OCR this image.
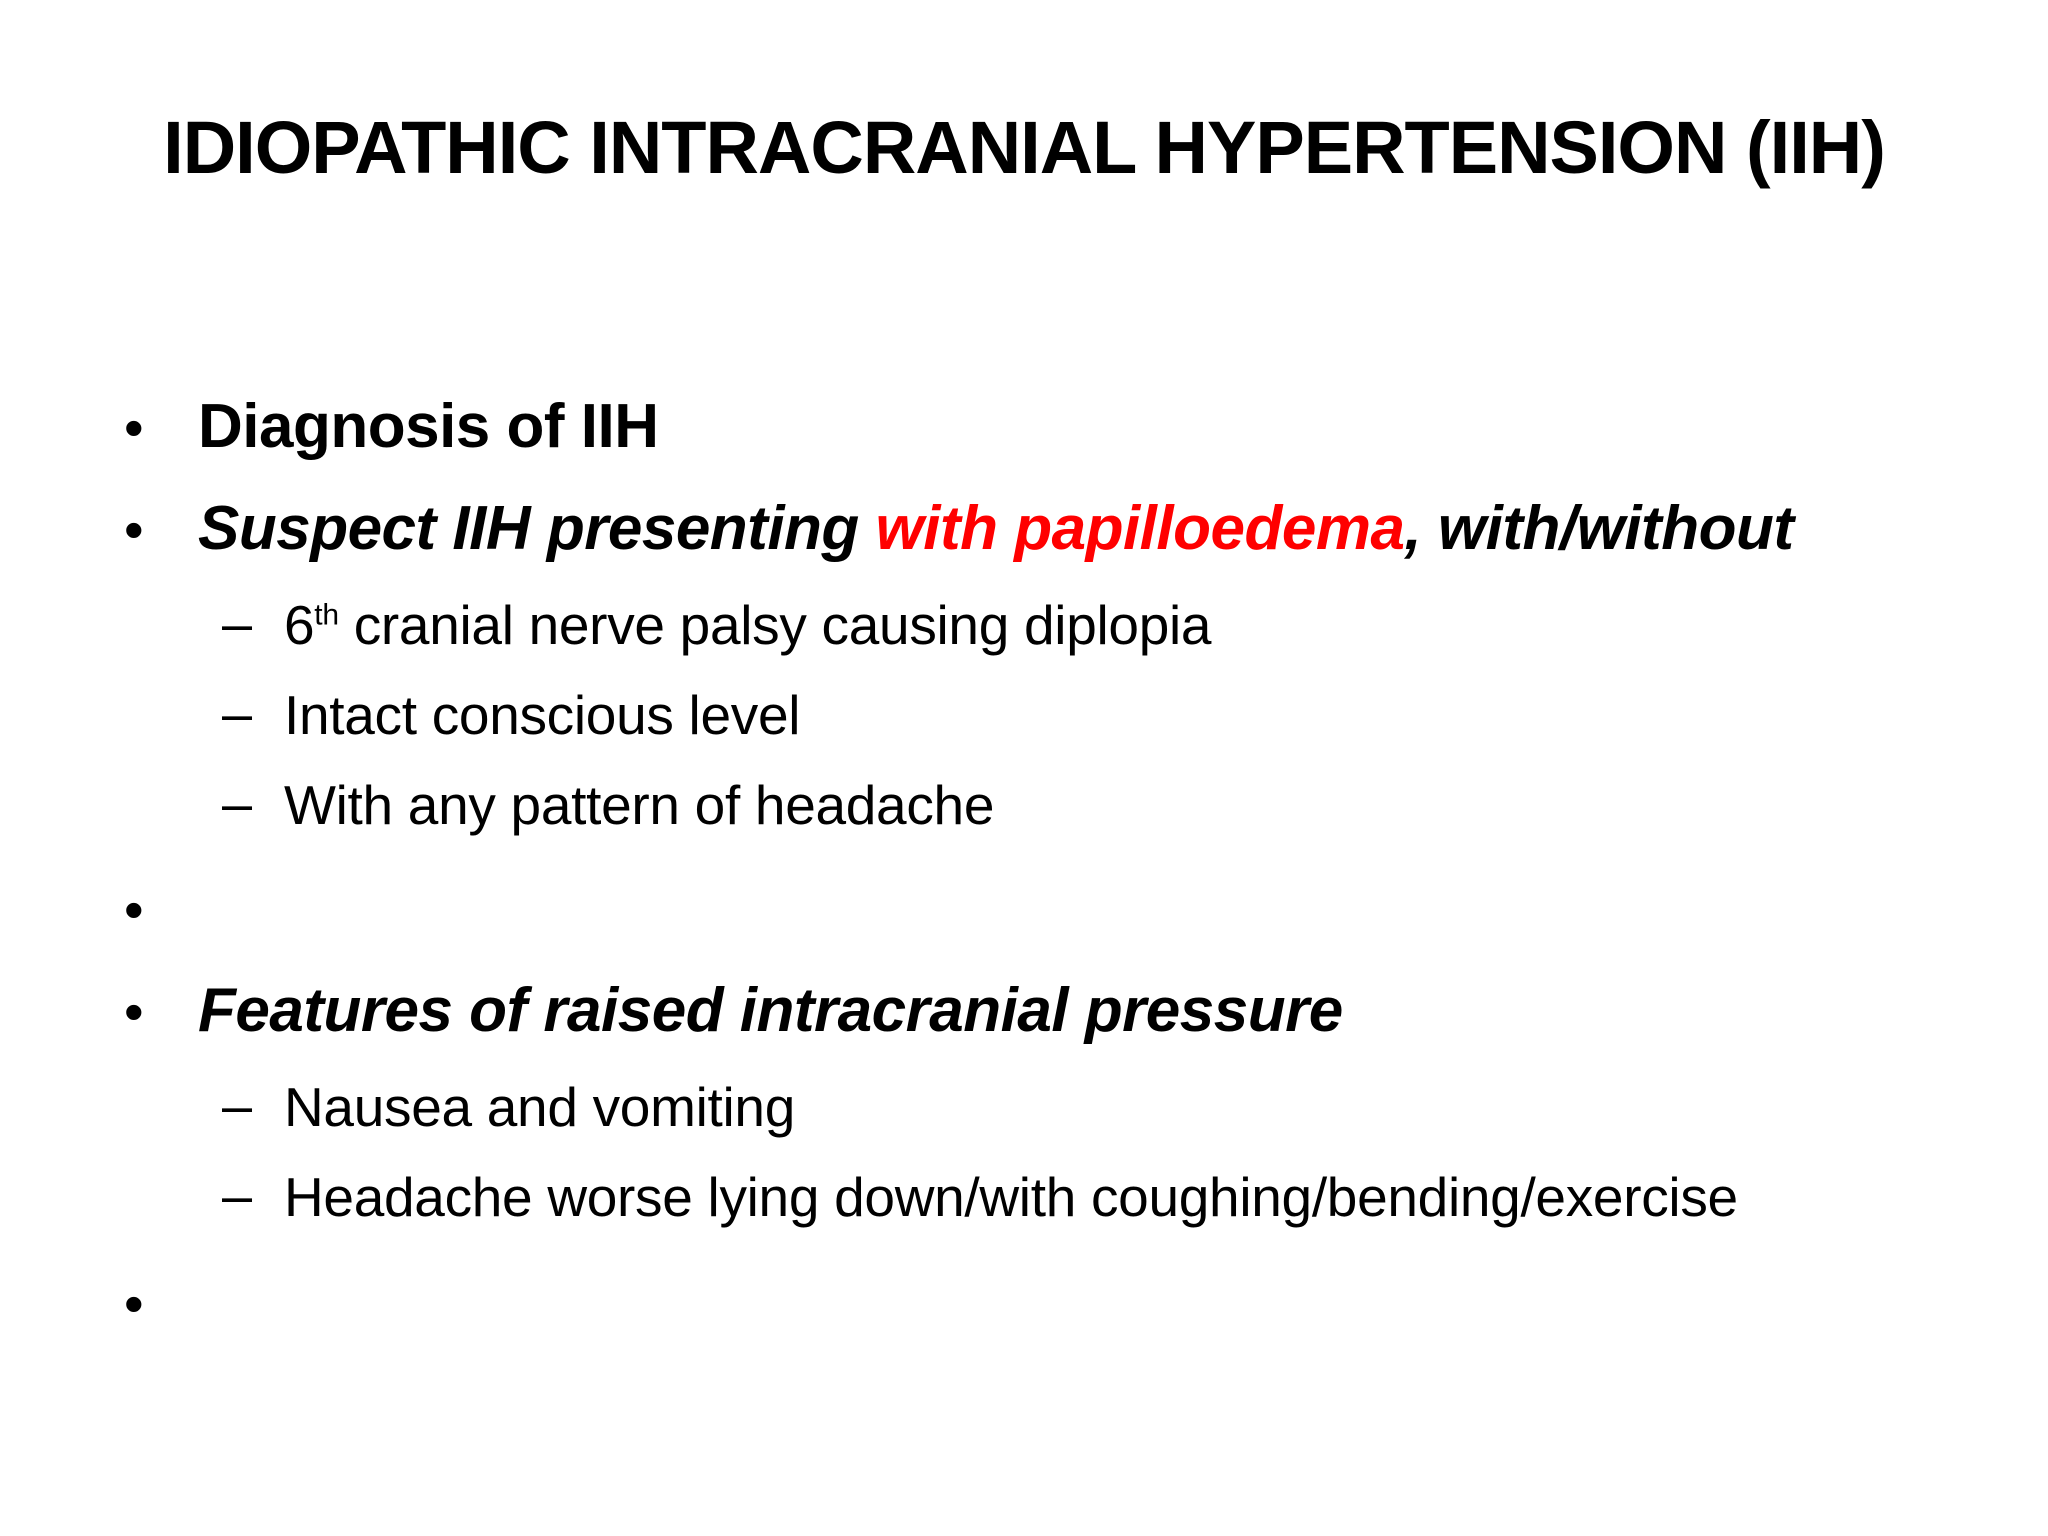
IDIOPATHIC INTRACRANIAL HYPERTENSION (IIH)
• Diagnosis of IIH
• Suspect IIH presenting with papilloedema, with/without
– 6th cranial nerve palsy causing diplopia
– Intact conscious level
– With any pattern of headache
•
• Features of raised intracranial pressure
– Nausea and vomiting
– Headache worse lying down/with coughing/bending/exercise
•
